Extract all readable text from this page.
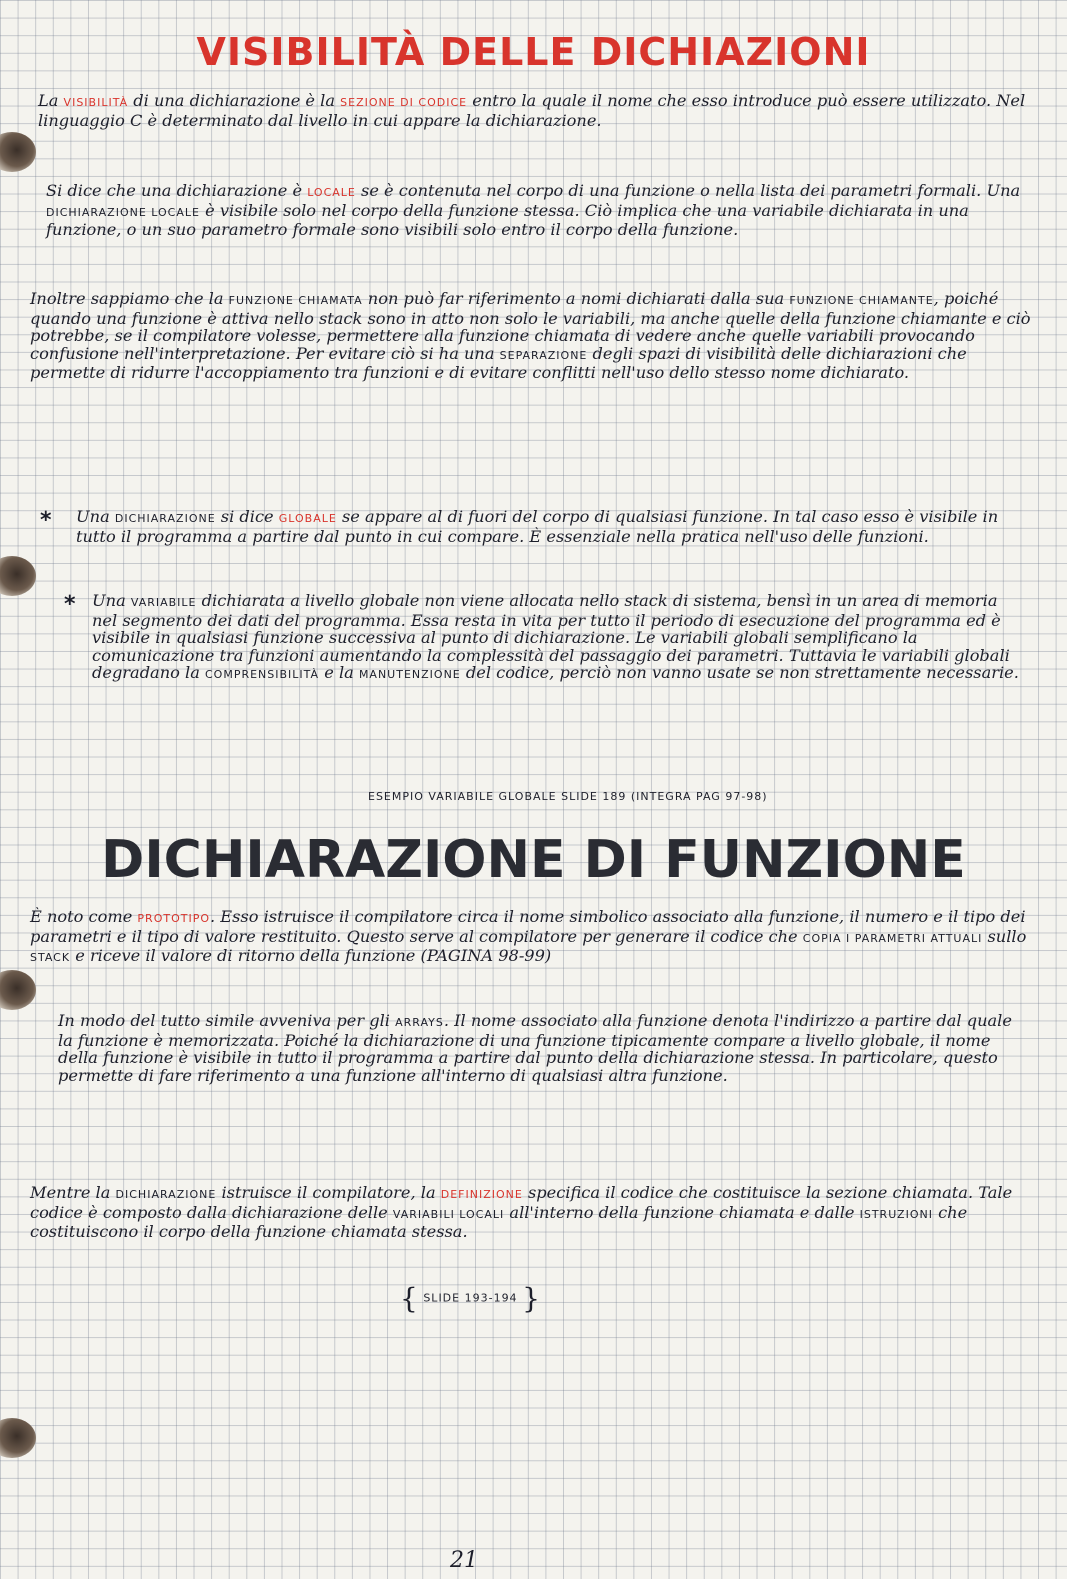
VISIBILITÀ DELLE DICHIAZIONI
La VISIBILITÀ di una dichiarazione è la SEZIONE DI CODICE entro la quale il nome che esso introduce può essere utilizzato. Nel linguaggio C è determinato dal livello in cui appare la dichiarazione.
Si dice che una dichiarazione è LOCALE se è contenuta nel corpo di una funzione o nella lista dei parametri formali. Una DICHIARAZIONE LOCALE è visibile solo nel corpo della funzione stessa. Ciò implica che una variabile dichiarata in una funzione, o un suo parametro formale sono visibili solo entro il corpo della funzione.
Inoltre sappiamo che la FUNZIONE CHIAMATA non può far riferimento a nomi dichiarati dalla sua FUNZIONE CHIAMANTE, poiché quando una funzione è attiva nello stack sono in atto non solo le variabili, ma anche quelle della funzione chiamante e ciò potrebbe, se il compilatore volesse, permettere alla funzione chiamata di vedere anche quelle variabili provocando confusione nell'interpretazione. Per evitare ciò si ha una SEPARAZIONE degli spazi di visibilità delle dichiarazioni che permette di ridurre l'accoppiamento tra funzioni e di evitare conflitti nell'uso dello stesso nome dichiarato.
* Una DICHIARAZIONE si dice GLOBALE se appare al di fuori del corpo di qualsiasi funzione. In tal caso esso è visibile in tutto il programma a partire dal punto in cui compare. È essenziale nella pratica nell'uso delle funzioni.
* Una VARIABILE dichiarata a livello globale non viene allocata nello stack di sistema, bensì in un area di memoria nel segmento dei dati del programma. Essa resta in vita per tutto il periodo di esecuzione del programma ed è visibile in qualsiasi funzione successiva al punto di dichiarazione. Le variabili globali semplificano la comunicazione tra funzioni aumentando la complessità del passaggio dei parametri. Tuttavia le variabili globali degradano la COMPRENSIBILITÀ e la MANUTENZIONE del codice, perciò non vanno usate se non strettamente necessarie.
ESEMPIO VARIABILE GLOBALE SLIDE 189 (INTEGRA PAG 97-98)
DICHIARAZIONE DI FUNZIONE
È noto come PROTOTIPO. Esso istruisce il compilatore circa il nome simbolico associato alla funzione, il numero e il tipo dei parametri e il tipo di valore restituito. Questo serve al compilatore per generare il codice che COPIA I PARAMETRI ATTUALI sullo STACK e riceve il valore di ritorno della funzione (PAGINA 98-99)
In modo del tutto simile avveniva per gli ARRAYS. Il nome associato alla funzione denota l'indirizzo a partire dal quale la funzione è memorizzata. Poiché la dichiarazione di una funzione tipicamente compare a livello globale, il nome della funzione è visibile in tutto il programma a partire dal punto della dichiarazione stessa. In particolare, questo permette di fare riferimento a una funzione all'interno di qualsiasi altra funzione.
Mentre la DICHIARAZIONE istruisce il compilatore, la DEFINIZIONE specifica il codice che costituisce la sezione chiamata. Tale codice è composto dalla dichiarazione delle VARIABILI LOCALI all'interno della funzione chiamata e dalle ISTRUZIONI che costituiscono il corpo della funzione chiamata stessa.
{ SLIDE 193-194 }
21
